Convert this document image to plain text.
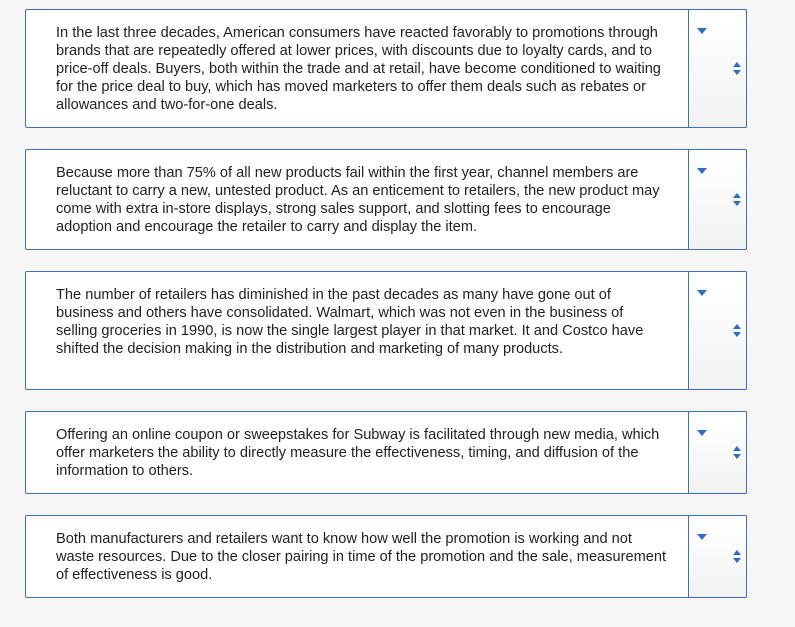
In the last three decades, American consumers have reacted favorably to promotions through brands that are repeatedly offered at lower prices, with discounts due to loyalty cards, and to price-off deals. Buyers, both within the trade and at retail, have become conditioned to waiting for the price deal to buy, which has moved marketers to offer them deals such as rebates or allowances and two-for-one deals.

Because more than 75% of all new products fail within the first year, channel members are reluctant to carry a new, untested product. As an enticement to retailers, the new product may come with extra in-store displays, strong sales support, and slotting fees to encourage adoption and encourage the retailer to carry and display the item.

The number of retailers has diminished in the past decades as many have gone out of business and others have consolidated. Walmart, which was not even in the business of selling groceries in 1990, is now the single largest player in that market. It and Costco have shifted the decision making in the distribution and marketing of many products.

Offering an online coupon or sweepstakes for Subway is facilitated through new media, which offer marketers the ability to directly measure the effectiveness, timing, and diffusion of the information to others.

Both manufacturers and retailers want to know how well the promotion is working and not waste resources. Due to the closer pairing in time of the promotion and the sale, measurement of effectiveness is good.
